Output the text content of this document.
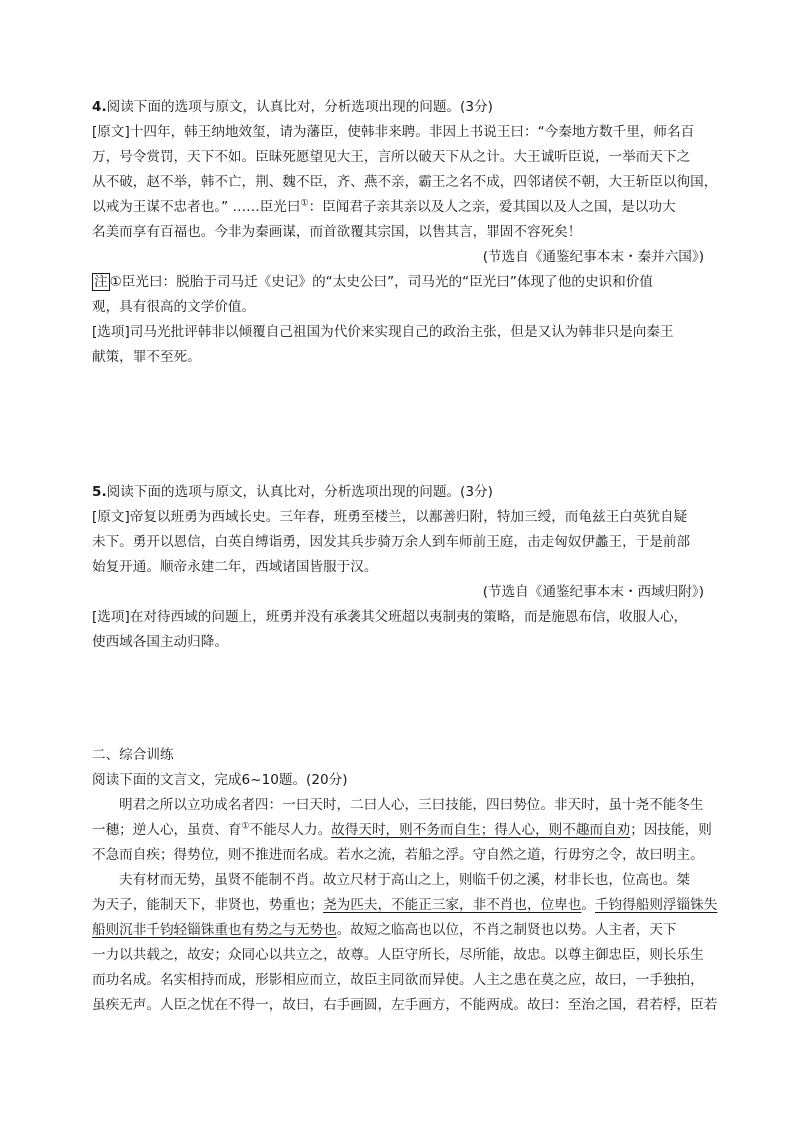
4.阅读下面的选项与原文，认真比对，分析选项出现的问题。(3分)
[原文]十四年，韩王纳地效玺，请为藩臣，使韩非来聘。非因上书说王曰：“今秦地方数千里，师名百
万，号令赏罚，天下不如。臣昧死愿望见大王，言所以破天下从之计。大王诚听臣说，一举而天下之
从不破，赵不举，韩不亡，荆、魏不臣，齐、燕不亲，霸王之名不成，四邻诸侯不朝，大王斩臣以徇国，
以戒为王谋不忠者也。” ……臣光曰①：臣闻君子亲其亲以及人之亲，爱其国以及人之国，是以功大
名美而享有百福也。今非为秦画谋，而首欲覆其宗国，以售其言，罪固不容死矣！
(节选自《通鉴纪事本末・秦并六国》)
注 ①臣光曰：脱胎于司马迁《史记》的“太史公曰”，司马光的“臣光曰”体现了他的史识和价值
观，具有很高的文学价值。
[选项]司马光批评韩非以倾覆自己祖国为代价来实现自己的政治主张，但是又认为韩非只是向秦王
献策，罪不至死。
5.阅读下面的选项与原文，认真比对，分析选项出现的问题。(3分)
[原文]帝复以班勇为西域长史。三年春，班勇至楼兰，以鄯善归附，特加三绶，而龟兹王白英犹自疑
未下。勇开以恩信，白英自缚诣勇，因发其兵步骑万余人到车师前王庭，击走匈奴伊蠡王，于是前部
始复开通。顺帝永建二年，西域诸国皆服于汉。
(节选自《通鉴纪事本末・西域归附》)
[选项]在对待西域的问题上，班勇并没有承袭其父班超以夷制夷的策略，而是施恩布信，收服人心，
使西域各国主动归降。
二、综合训练
阅读下面的文言文，完成6~10题。(20分)
明君之所以立功成名者四：一曰天时，二曰人心，三曰技能，四曰势位。非天时，虽十尧不能冬生
一穗；逆人心，虽贲、育①不能尽人力。故得天时，则不务而自生；得人心，则不趣而自劝；因技能，则
不急而自疾；得势位，则不推进而名成。若水之流，若船之浮。守自然之道，行毋穷之令，故曰明主。
夫有材而无势，虽贤不能制不肖。故立尺材于高山之上，则临千仞之溪，材非长也，位高也。桀
为天子，能制天下，非贤也，势重也；尧为匹夫，不能正三家，非不肖也，位卑也。千钧得船则浮锱铢失
船则沉非千钧轻锱铢重也有势之与无势也。故短之临高也以位，不肖之制贤也以势。人主者，天下
一力以共载之，故安；众同心以共立之，故尊。人臣守所长，尽所能，故忠。以尊主御忠臣，则长乐生
而功名成。名实相持而成，形影相应而立，故臣主同欲而异使。人主之患在莫之应，故曰，一手独拍，
虽疾无声。人臣之忧在不得一，故曰，右手画圆，左手画方，不能两成。故曰：至治之国，君若桴，臣若
